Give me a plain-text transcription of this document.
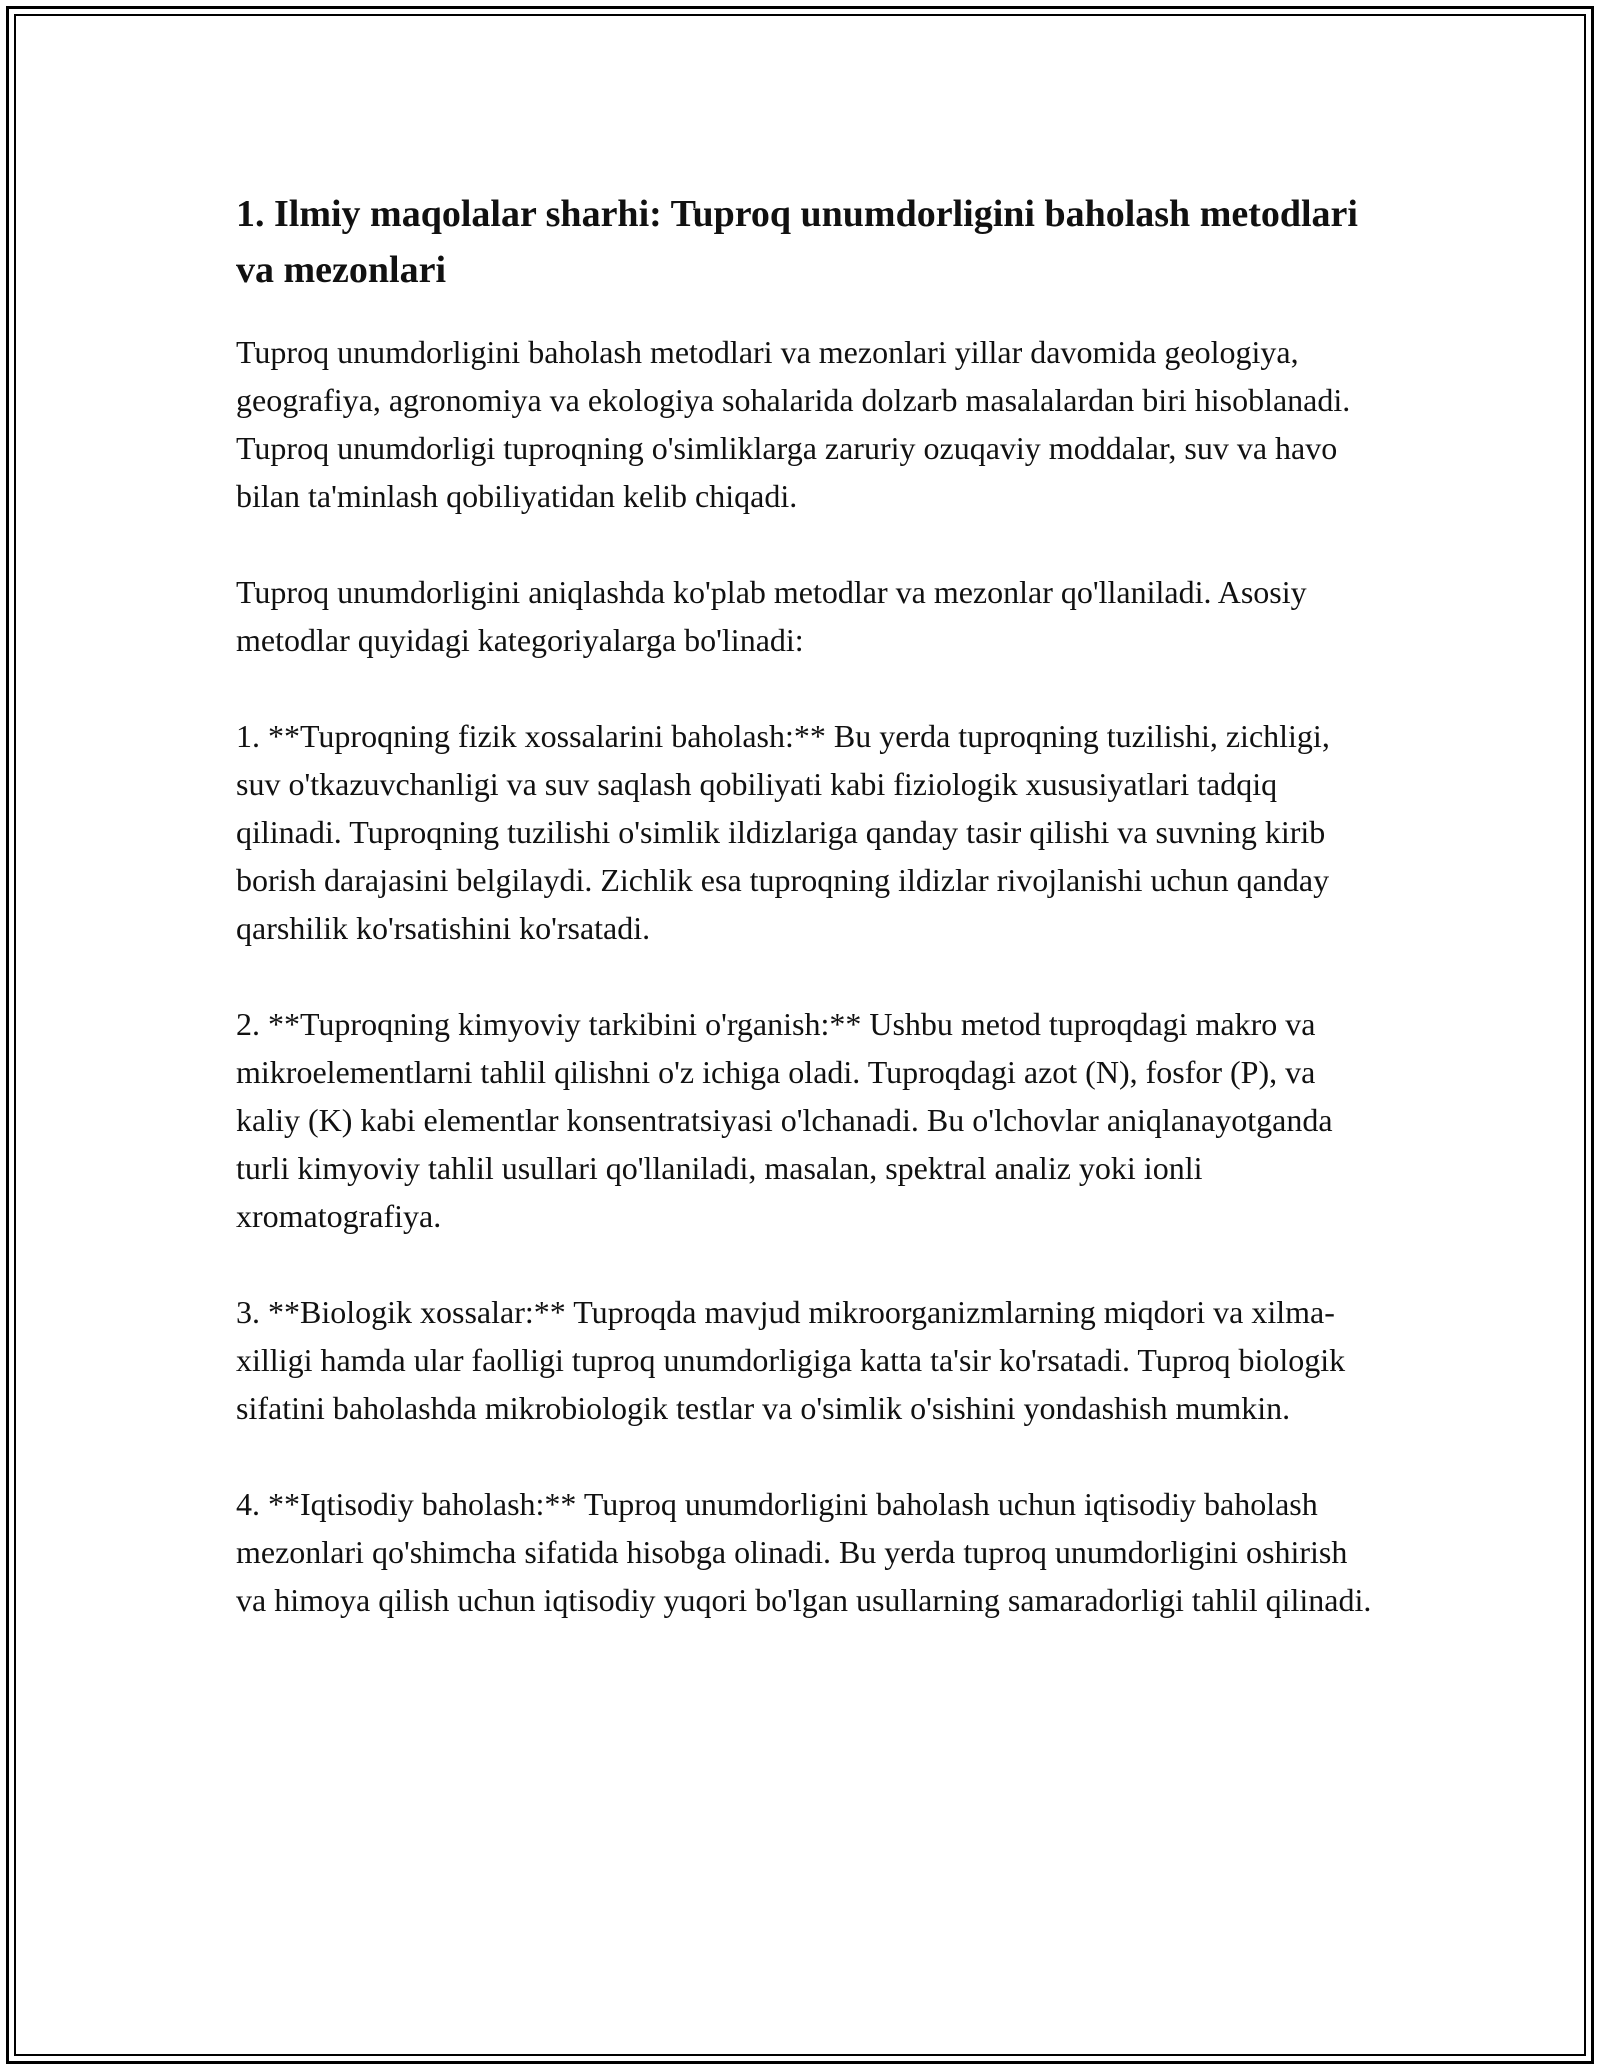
1. Ilmiy maqolalar sharhi: Tuproq unumdorligini baholash metodlari va mezonlari

Tuproq unumdorligini baholash metodlari va mezonlari yillar davomida geologiya, geografiya, agronomiya va ekologiya sohalarida dolzarb masalalardan biri hisoblanadi. Tuproq unumdorligi tuproqning o'simliklarga zaruriy ozuqaviy moddalar, suv va havo bilan ta'minlash qobiliyatidan kelib chiqadi.

Tuproq unumdorligini aniqlashda ko'plab metodlar va mezonlar qo'llaniladi. Asosiy metodlar quyidagi kategoriyalarga bo'linadi:

1. **Tuproqning fizik xossalarini baholash:** Bu yerda tuproqning tuzilishi, zichligi, suv o'tkazuvchanligi va suv saqlash qobiliyati kabi fiziologik xususiyatlari tadqiq qilinadi. Tuproqning tuzilishi o'simlik ildizlariga qanday tasir qilishi va suvning kirib borish darajasini belgilaydi. Zichlik esa tuproqning ildizlar rivojlanishi uchun qanday qarshilik ko'rsatishini ko'rsatadi.

2. **Tuproqning kimyoviy tarkibini o'rganish:** Ushbu metod tuproqdagi makro va mikroelementlarni tahlil qilishni o'z ichiga oladi. Tuproqdagi azot (N), fosfor (P), va kaliy (K) kabi elementlar konsentratsiyasi o'lchanadi. Bu o'lchovlar aniqlanayotganda turli kimyoviy tahlil usullari qo'llaniladi, masalan, spektral analiz yoki ionli xromatografiya.

3. **Biologik xossalar:** Tuproqda mavjud mikroorganizmlarning miqdori va xilma-xilligi hamda ular faolligi tuproq unumdorligiga katta ta'sir ko'rsatadi. Tuproq biologik sifatini baholashda mikrobiologik testlar va o'simlik o'sishini yondashish mumkin.

4. **Iqtisodiy baholash:** Tuproq unumdorligini baholash uchun iqtisodiy baholash mezonlari qo'shimcha sifatida hisobga olinadi. Bu yerda tuproq unumdorligini oshirish va himoya qilish uchun iqtisodiy yuqori bo'lgan usullarning samaradorligi tahlil qilinadi.
